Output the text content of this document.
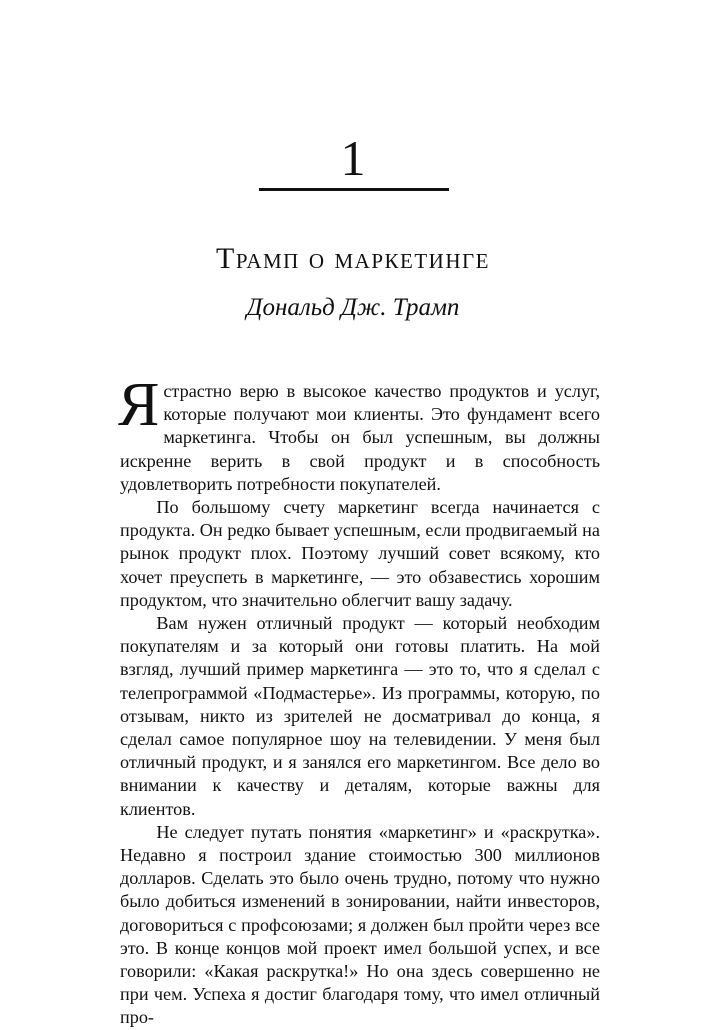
1
Трамп о маркетинге
Дональд Дж. Трамп

Я страстно верю в высокое качество продуктов и услуг, которые получают мои клиенты. Это фундамент всего маркетинга. Чтобы он был успешным, вы должны искренне верить в свой продукт и в способность удовлетворить потребности покупателей.

По большому счету маркетинг всегда начинается с продукта. Он редко бывает успешным, если продвигаемый на рынок продукт плох. Поэтому лучший совет всякому, кто хочет преуспеть в маркетинге, — это обзавестись хорошим продуктом, что значительно облегчит вашу задачу.

Вам нужен отличный продукт — который необходим покупателям и за который они готовы платить. На мой взгляд, лучший пример маркетинга — это то, что я сделал с телепрограммой «Подмастерье». Из программы, которую, по отзывам, никто из зрителей не досматривал до конца, я сделал самое популярное шоу на телевидении. У меня был отличный продукт, и я занялся его маркетингом. Все дело во внимании к качеству и деталям, которые важны для клиентов.

Не следует путать понятия «маркетинг» и «раскрутка». Недавно я построил здание стоимостью 300 миллионов долларов. Сделать это было очень трудно, потому что нужно было добиться изменений в зонировании, найти инвесторов, договориться с профсоюзами; я должен был пройти через все это. В конце концов мой проект имел большой успех, и все говорили: «Какая раскрутка!» Но она здесь совершенно не при чем. Успеха я достиг благодаря тому, что имел отличный про-
